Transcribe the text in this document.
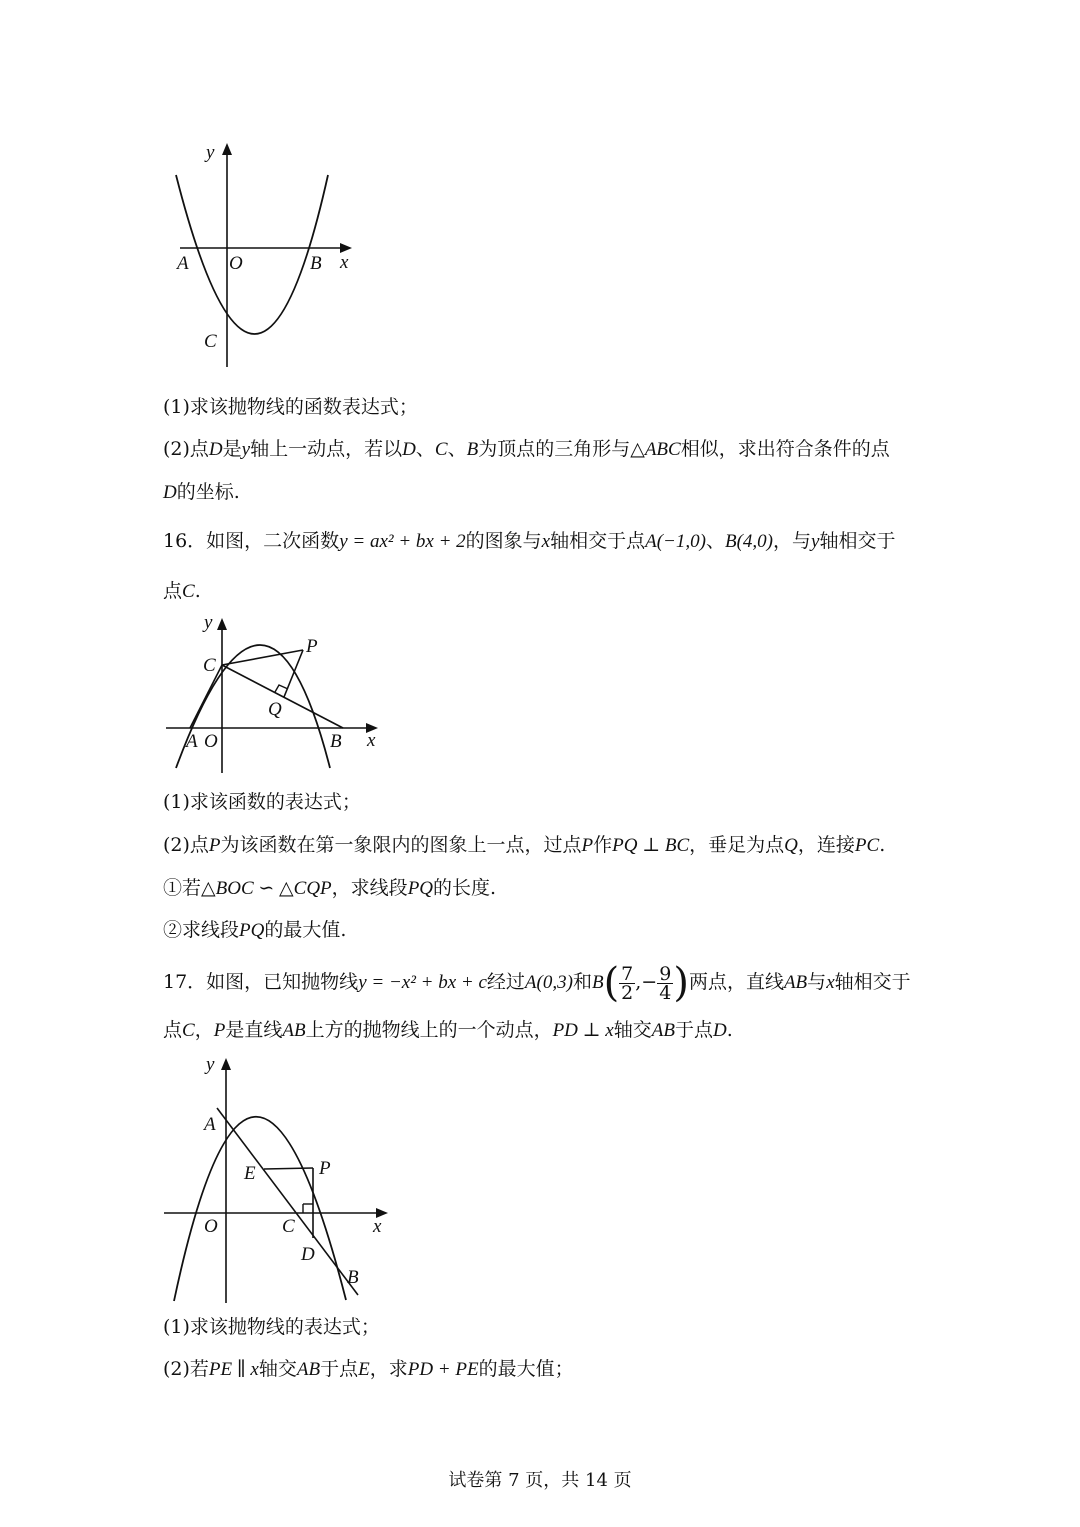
y
x
A O	B
C
(1)求该抛物线的函数表达式；
(2)点D是y轴上一动点，若以D、C、B为顶点的三角形与△ABC相似，求出符合条件的点
D的坐标.
16．如图，二次函数y = ax² + bx + 2的图象与x轴相交于点A(−1,0)、B(4,0)，与y轴相交于
点C.
y
x
C
P
Q
A O	B
(1)求该函数的表达式；
(2)点P为该函数在第一象限内的图象上一点，过点P作PQ ⊥ BC，垂足为点Q，连接PC.
①若△BOC ∽ △CQP，求线段PQ的长度.
②求线段PQ的最大值.
17．如图，已知抛物线y = −x² + bx + c经过A(0,3)和$B( \frac{7}{2}$ ,− $\frac{9}{4}$ )两点，直线AB与x轴相交于
点C，P是直线AB上方的抛物线上的一个动点，PD ⊥ x轴交AB于点D.
y
x
A
E	P
O	C
D
B
(1)求该抛物线的表达式；
(2)若PE ∥ x轴交AB于点E，求PD + PE的最大值；
试卷第 7 页，共 14 页
